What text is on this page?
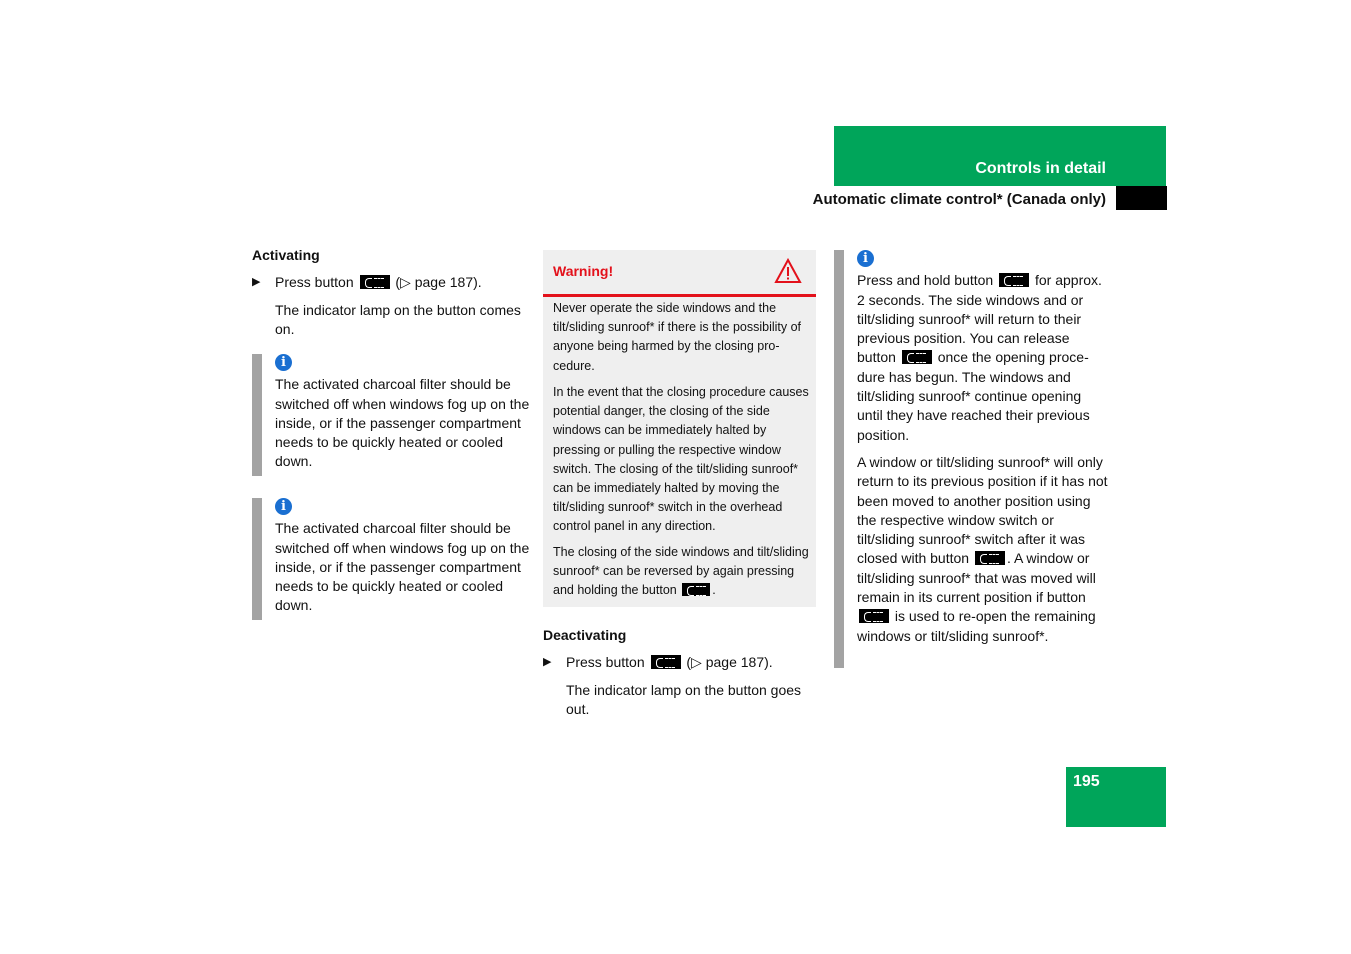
Controls in detail
Automatic climate control* (Canada only)
Activating
▶ Press button	(▷ page 187).
The indicator lamp on the button comes on.
i
The activated charcoal filter should be switched off when windows fog up on the inside, or if the passenger compartment needs to be quickly heated or cooled down.
i
The activated charcoal filter should be switched off when windows fog up on the inside, or if the passenger compartment needs to be quickly heated or cooled down.
Warning!
Never operate the side windows and the tilt/sliding sunroof* if there is the possibility of anyone being harmed by the closing procedure.
In the event that the closing procedure causes potential danger, the closing of the side windows can be immediately halted by pressing or pulling the respective window switch. The closing of the tilt/sliding sunroof* can be immediately halted by moving the tilt/sliding sunroof* switch in the overhead control panel in any direction.
The closing of the side windows and tilt/sliding sunroof* can be reversed by again pressing and holding the button	.
Deactivating
▶ Press button	(▷ page 187).
The indicator lamp on the button goes out.
i
Press and hold button	for approx. 2 seconds. The side windows and or tilt/sliding sunroof* will return to their previous position. You can release button	once the opening procedure has begun. The windows and tilt/sliding sunroof* continue opening until they have reached their previous position.
A window or tilt/sliding sunroof* will only return to its previous position if it has not been moved to another position using the respective window switch or tilt/sliding sunroof* switch after it was closed with button	. A window or tilt/sliding sunroof* that was moved will remain in its current position if button  is used to re-open the remaining windows or tilt/sliding sunroof*.
195
